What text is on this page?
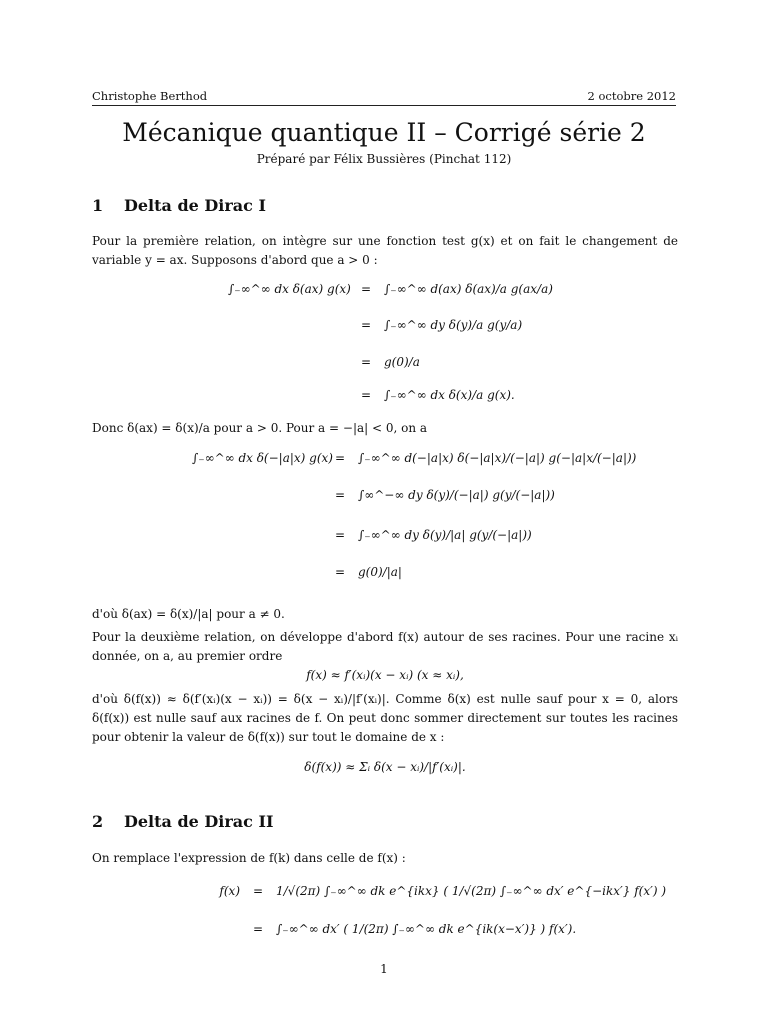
Christophe Berthod	2 octobre 2012
Mécanique quantique II – Corrigé série 2
Préparé par Félix Bussières (Pinchat 112)
1 Delta de Dirac I
Pour la première relation, on intègre sur une fonction test g(x) et on fait le changement de variable y = ax. Supposons d'abord que a > 0 :
∫₋∞^∞ dx δ(ax) g(x) = ∫₋∞^∞ d(ax) δ(ax)/a g(ax/a)
= ∫₋∞^∞ dy δ(y)/a g(y/a)
= g(0)/a
= ∫₋∞^∞ dx δ(x)/a g(x).
Donc δ(ax) = δ(x)/a pour a > 0. Pour a = −|a| < 0, on a
∫₋∞^∞ dx δ(−|a|x) g(x) = ∫₋∞^∞ d(−|a|x) δ(−|a|x)/(−|a|) g(−|a|x/(−|a|))
= ∫∞^−∞ dy δ(y)/(−|a|) g(y/(−|a|))
= ∫₋∞^∞ dy δ(y)/|a| g(y/(−|a|))
= g(0)/|a|
d'où δ(ax) = δ(x)/|a| pour a ≠ 0.
Pour la deuxième relation, on développe d'abord f(x) autour de ses racines. Pour une racine xᵢ donnée, on a, au premier ordre
f(x) ≈ f′(xᵢ)(x − xᵢ) (x ≈ xᵢ),
d'où δ(f(x)) ≈ δ(f′(xᵢ)(x − xᵢ)) = δ(x − xᵢ)/|f′(xᵢ)|. Comme δ(x) est nulle sauf pour x = 0, alors δ(f(x)) est nulle sauf aux racines de f. On peut donc sommer directement sur toutes les racines pour obtenir la valeur de δ(f(x)) sur tout le domaine de x :
δ(f(x)) ≈ Σᵢ δ(x − xᵢ)/|f′(xᵢ)|.
2 Delta de Dirac II
On remplace l'expression de f(k) dans celle de f(x) :
f(x) = 1/√(2π) ∫₋∞^∞ dk e^{ikx} ( 1/√(2π) ∫₋∞^∞ dx′ e^{−ikx′} f(x′) )
= ∫₋∞^∞ dx′ ( 1/(2π) ∫₋∞^∞ dk e^{ik(x−x′)} ) f(x′).
1
